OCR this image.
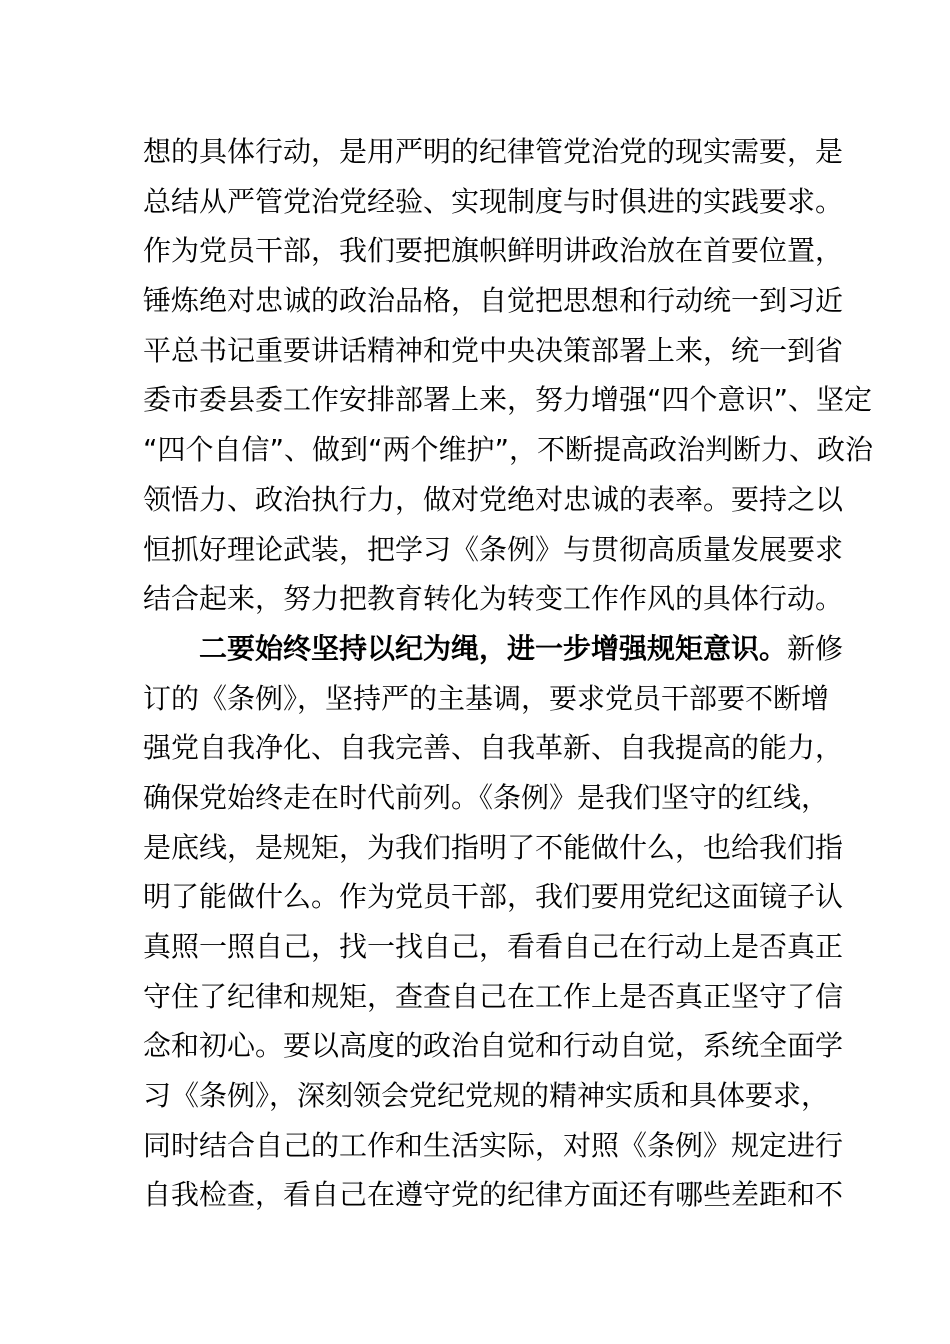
想的具体行动，是用严明的纪律管党治党的现实需要，是
总结从严管党治党经验、实现制度与时俱进的实践要求。
作为党员干部，我们要把旗帜鲜明讲政治放在首要位置，
锤炼绝对忠诚的政治品格，自觉把思想和行动统一到习近
平总书记重要讲话精神和党中央决策部署上来，统一到省
委市委县委工作安排部署上来，努力增强“四个意识”、坚定
“四个自信”、做到“两个维护”，不断提高政治判断力、政治
领悟力、政治执行力，做对党绝对忠诚的表率。要持之以
恒抓好理论武装，把学习《条例》与贯彻高质量发展要求
结合起来，努力把教育转化为转变工作作风的具体行动。
二要始终坚持以纪为绳，进一步增强规矩意识。新修
订的《条例》，坚持严的主基调，要求党员干部要不断增
强党自我净化、自我完善、自我革新、自我提高的能力，
确保党始终走在时代前列。《条例》是我们坚守的红线，
是底线，是规矩，为我们指明了不能做什么，也给我们指
明了能做什么。作为党员干部，我们要用党纪这面镜子认
真照一照自己，找一找自己，看看自己在行动上是否真正
守住了纪律和规矩，查查自己在工作上是否真正坚守了信
念和初心。要以高度的政治自觉和行动自觉，系统全面学
习《条例》，深刻领会党纪党规的精神实质和具体要求，
同时结合自己的工作和生活实际，对照《条例》规定进行
自我检查，看自己在遵守党的纪律方面还有哪些差距和不
